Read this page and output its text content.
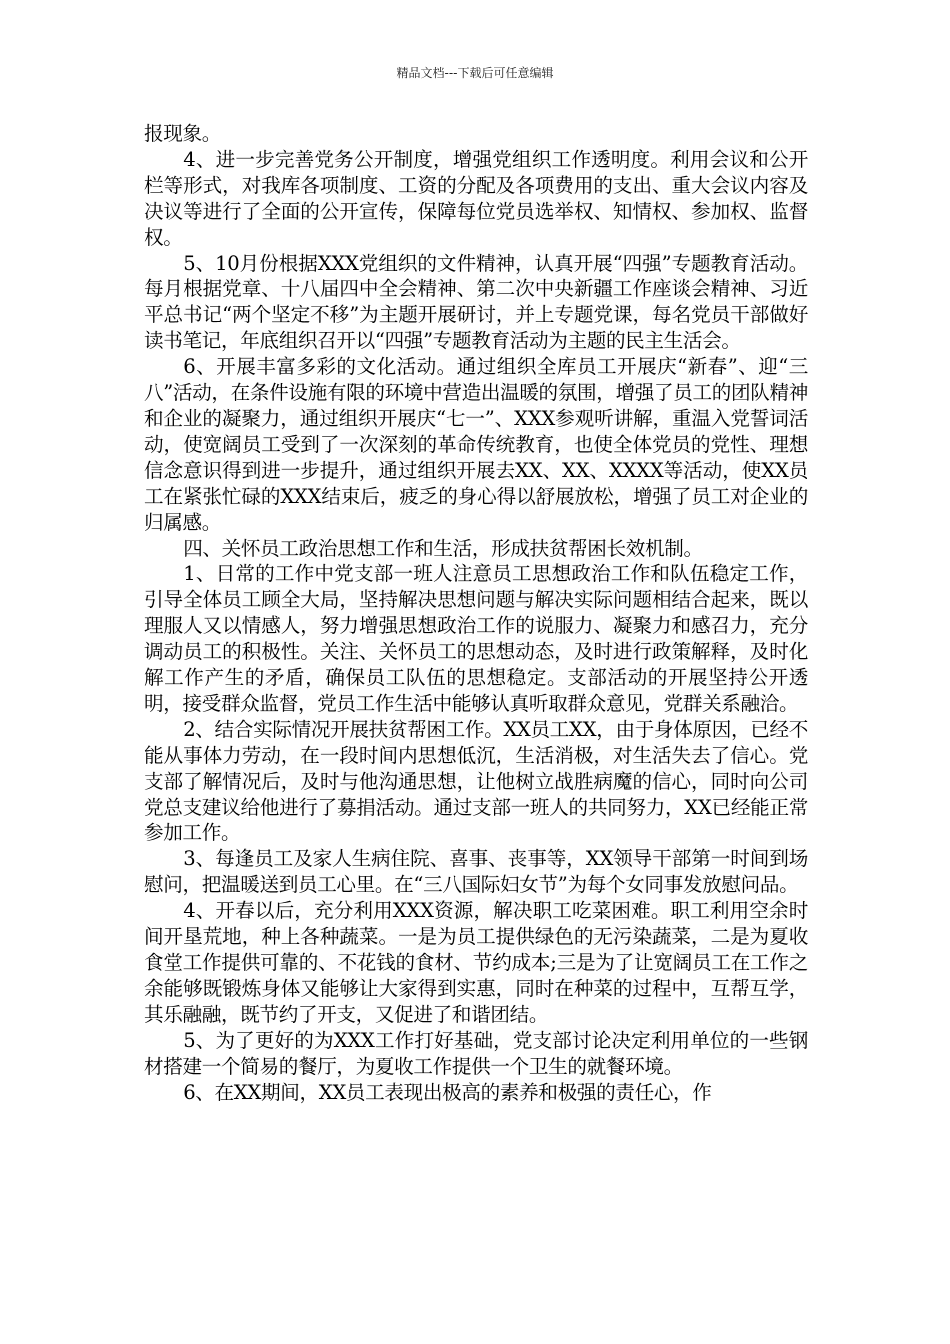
精品文档---下载后可任意编辑

报现象。

4、进一步完善党务公开制度，增强党组织工作透明度。利用会议和公开栏等形式，对我库各项制度、工资的分配及各项费用的支出、重大会议内容及决议等进行了全面的公开宣传，保障每位党员选举权、知情权、参加权、监督权。

5、10月份根据XXX党组织的文件精神，认真开展“四强”专题教育活动。每月根据党章、十八届四中全会精神、第二次中央新疆工作座谈会精神、习近平总书记“两个坚定不移”为主题开展研讨，并上专题党课，每名党员干部做好读书笔记，年底组织召开以“四强”专题教育活动为主题的民主生活会。

6、开展丰富多彩的文化活动。通过组织全库员工开展庆“新春”、迎“三八”活动，在条件设施有限的环境中营造出温暖的氛围，增强了员工的团队精神和企业的凝聚力，通过组织开展庆“七一”、XXX参观听讲解，重温入党誓词活动，使宽阔员工受到了一次深刻的革命传统教育，也使全体党员的党性、理想信念意识得到进一步提升，通过组织开展去XX、XX、XXXX等活动，使XX员工在紧张忙碌的XXX结束后，疲乏的身心得以舒展放松，增强了员工对企业的归属感。

四、关怀员工政治思想工作和生活，形成扶贫帮困长效机制。

1、日常的工作中党支部一班人注意员工思想政治工作和队伍稳定工作，引导全体员工顾全大局，坚持解决思想问题与解决实际问题相结合起来，既以理服人又以情感人，努力增强思想政治工作的说服力、凝聚力和感召力，充分调动员工的积极性。关注、关怀员工的思想动态，及时进行政策解释，及时化解工作产生的矛盾，确保员工队伍的思想稳定。支部活动的开展坚持公开透明，接受群众监督，党员工作生活中能够认真听取群众意见，党群关系融洽。

2、结合实际情况开展扶贫帮困工作。XX员工XX，由于身体原因，已经不能从事体力劳动，在一段时间内思想低沉，生活消极，对生活失去了信心。党支部了解情况后，及时与他沟通思想，让他树立战胜病魔的信心，同时向公司党总支建议给他进行了募捐活动。通过支部一班人的共同努力，XX已经能正常参加工作。

3、每逢员工及家人生病住院、喜事、丧事等，XX领导干部第一时间到场慰问，把温暖送到员工心里。在“三八国际妇女节”为每个女同事发放慰问品。

4、开春以后，充分利用XXX资源，解决职工吃菜困难。职工利用空余时间开垦荒地，种上各种蔬菜。一是为员工提供绿色的无污染蔬菜，二是为夏收食堂工作提供可靠的、不花钱的食材、节约成本;三是为了让宽阔员工在工作之余能够既锻炼身体又能够让大家得到实惠，同时在种菜的过程中，互帮互学，其乐融融，既节约了开支，又促进了和谐团结。

5、为了更好的为XXX工作打好基础，党支部讨论决定利用单位的一些钢材搭建一个简易的餐厅，为夏收工作提供一个卫生的就餐环境。

6、在XX期间，XX员工表现出极高的素养和极强的责任心，作
